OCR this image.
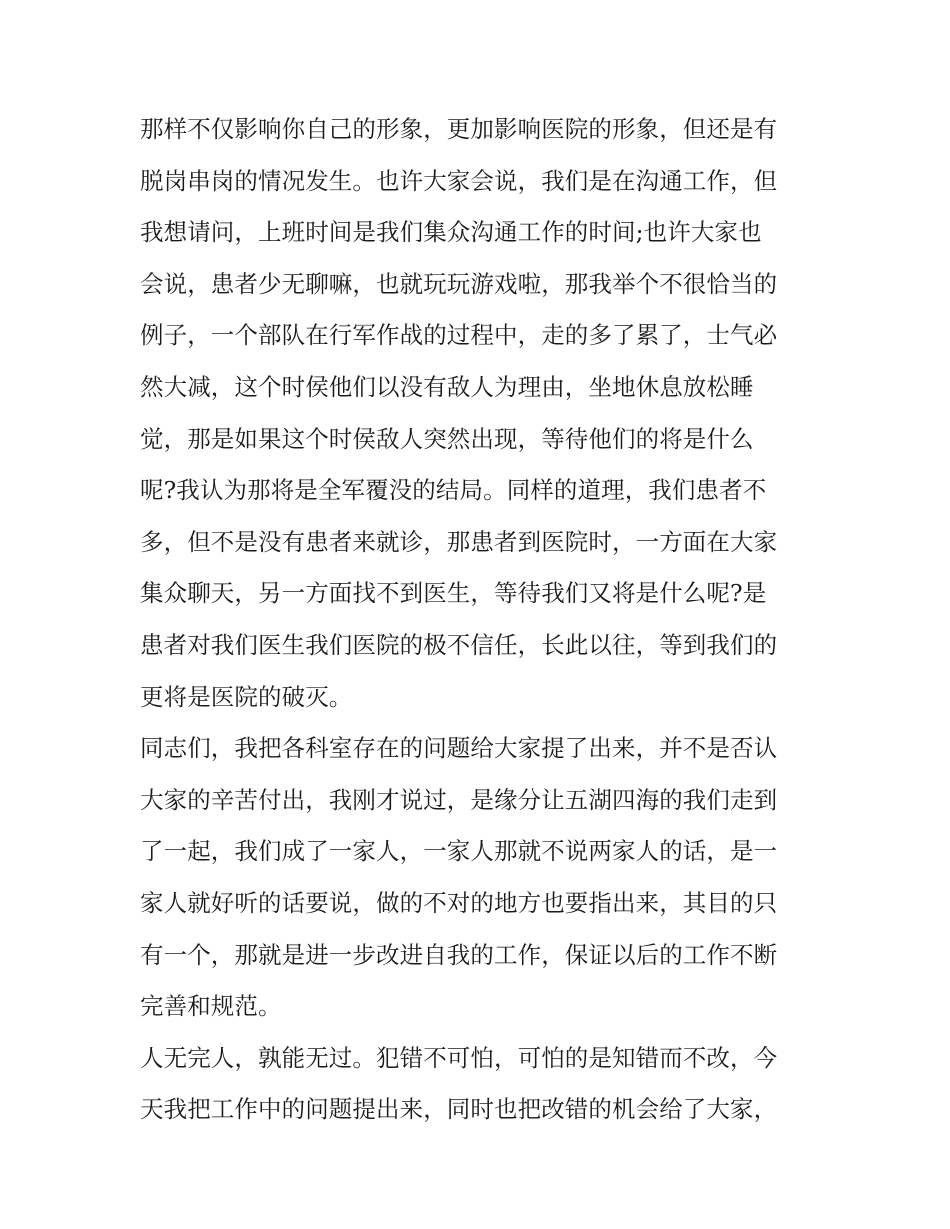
那样不仅影响你自己的形象，更加影响医院的形象，但还是有
脱岗串岗的情况发生。也许大家会说，我们是在沟通工作，但
我想请问，上班时间是我们集众沟通工作的时间;也许大家也
会说，患者少无聊嘛，也就玩玩游戏啦，那我举个不很恰当的
例子，一个部队在行军作战的过程中，走的多了累了，士气必
然大减，这个时侯他们以没有敌人为理由，坐地休息放松睡
觉，那是如果这个时侯敌人突然出现，等待他们的将是什么
呢?我认为那将是全军覆没的结局。同样的道理，我们患者不
多，但不是没有患者来就诊，那患者到医院时，一方面在大家
集众聊天，另一方面找不到医生，等待我们又将是什么呢?是
患者对我们医生我们医院的极不信任，长此以往，等到我们的
更将是医院的破灭。
同志们，我把各科室存在的问题给大家提了出来，并不是否认
大家的辛苦付出，我刚才说过，是缘分让五湖四海的我们走到
了一起，我们成了一家人，一家人那就不说两家人的话，是一
家人就好听的话要说，做的不对的地方也要指出来，其目的只
有一个，那就是进一步改进自我的工作，保证以后的工作不断
完善和规范。
人无完人，孰能无过。犯错不可怕，可怕的是知错而不改，今
天我把工作中的问题提出来，同时也把改错的机会给了大家，
